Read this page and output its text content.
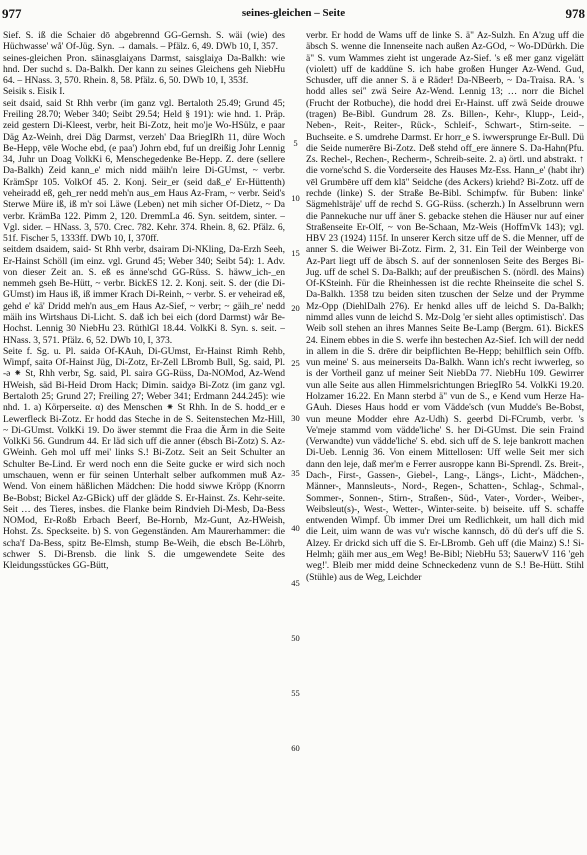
977	seines-gleichen – Seite	978

Sief. S. iß die Schaier dō abgebrennd GG-Gernsh. S. wäi (wie) des Hüchwasse' wå' Of-Jüg. Syn. → damals. – Pfälz. 6, 49. DWb 10, I, 357.

seines-gleichen Pron. sāinəsglaiχəns Darmst, saisglaiχə Da-Balkh: wie hnd. Der suchd s. Da-Balkh. Der kann zu seines Gleichens geh NiebHu 64. – HNass. 3, 570. Rhein. 8, 58. Pfälz. 6, 50. DWb 10, I, 353f.

Seisik s. Eisik I.

seit dsaid, said St Rhh verbr (im ganz vgl. Bertaloth 25.49; Grund 45; Freiling 28.70; Weber 340; Seibt 29.54; Held § 191): wie hnd. 1. Präp. zeid gestern Di-Kleest, verbr, heit Bi-Zotz, heit mo'je Wo-HSülz, e paar Däg Az-Weinh, drei Däg Darmst, verzeh' Daa BriegIRh 11, düre Woch Be-Hepp, vēle Woche ebd, (e paa') Johrn ebd, fuf un dreißig Johr Lennig 34, Juhr un Doag VolkKi 6, Menschegedenke Be-Hepp. Z. dere (sellere Da-Balkh) Zeid kann_e' mich nidd mäih'n leire Di-GUmst, ~ verbr. KrämSpr 105. VolkOf 45. 2. Konj. Seir_er (seid daß_e' Er-Hüttenth) veheiradd eß, geh_rer nedd meh'n aus_em Haus Az-Fram, ~ verbr. Seid's Sterwe Müre iß, iß m'r soi Läwe (Leben) net mih sicher Of-Dietz, ~ Da verbr. KrämBa 122. Pimm 2, 120. DremmLa 46. Syn. seitdem, sinter. – Vgl. sider. – HNass. 3, 570. Crec. 782. Kehr. 374. Rhein. 8, 62. Pfälz. 6, 51f. Fischer 5, 1333ff. DWb 10, I, 370ff.

seitdem dsaidem, said- St Rhh verbr, dsairam Di-NKling, Da-Erzh Seeh, Er-Hainst Schöll (im einz. vgl. Grund 45; Weber 340; Seibt 54): 1. Adv. von dieser Zeit an. S. eß es änne'schd GG-Rüss. S. häww_ich-_en nemmeh gseh Be-Hütt, ~ verbr. BickES 12. 2. Konj. seit. S. der (die Di-GUmst) im Haus iß, iß immer Krach Di-Reinh, ~ verbr. S. er veheirad eß, gehd e' kä' Dridd meh'n aus_em Haus Az-Sief, ~ verbr; ~ gäih_re' nedd mäih ins Wirtshaus Di-Licht. S. daß ich bei eich (dord Darmst) wår Be-Hochst. Lennig 30 NiebHu 23. RüthlGl 18.44. VolkKi 8. Syn. s. seit. – HNass. 3, 571. Pfälz. 6, 52. DWb 10, I, 373.

Seite f. Sg. u. Pl. saidə Of-KAuh, Di-GUmst, Er-Hainst Rimh Rehb, Wimpf, saitə Of-Hainst Jüg, Di-Zotz, Er-Zell LBromb Bull, Sg. said, Pl. -ə ⁕ St, Rhh verbr, Sg. said, Pl. sairə GG-Rüss, Da-NOMod, Az-Wend HWeish, säd Bi-Heid Drom Hack; Dimin. saidχə Bi-Zotz (im ganz vgl. Bertaloth 25; Grund 27; Freiling 27; Weber 341; Erdmann 244.245): wie nhd. 1. a) Körperseite. α) des Menschen ⁕ St Rhh. In de S. hodd_er e Lewerfleck Bi-Zotz. Er hodd das Steche in de S. Seitenstechen Mz-Hill, ~ Di-GUmst. VolkKi 19. Do äwer stemmt die Fraa die Ärm in die Seite VolkKi 56. Gundrum 44. Er läd sich uff die anner (ébsch Bi-Zotz) S. Az-GWeinh. Geh mol uff mei' links S.! Bi-Zotz. Seit an Seit Schulter an Schulter Be-Lind. Er werd noch enn die Seite gucke er wird sich noch umschauen, wenn er für seinen Unterhalt selber aufkommen muß Az-Wend. Von einem häßlichen Mädchen: Die hodd siwwe Kröpp (Knorrn Be-Bobst; Bickel Az-GBick) uff der glädde S. Er-Hainst. Zs. Kehr-seite. Seit … des Tieres, insbes. die Flanke beim Rindvieh Di-Mesb, Da-Bess NOMod, Er-Roßb Erbach Beerf, Be-Hornb, Mz-Gunt, Az-HWeish, Hohst. Zs. Speckseite. b) S. von Gegenständen. Am Maurerhammer: die scha'f Da-Bess, spitz Be-Elmsh, stump Be-Weih, die ebsch Be-Löhrb, schwer S. Di-Brensb. die link S. die umgewendete Seite des Kleidungsstückes GG-Bütt,

5
10
15
20
25
30
35
40
45
50
55
60

verbr. Er hodd de Wams uff de linke S. ä" Az-Sulzh. En A'zug uff die äbsch S. wenne die Innenseite nach außen Az-GOd, ~ Wo-DDürkh. Die ä" S. vum Wammes zieht ist ungerade Az-Sief. 's eß mer ganz vigelätt (violett) uff de kaddüne S. ich habe großen Hunger Az-Wend. Gud, Schusder, uff die anner S. ä e Räder! Da-NBeerb, ~ Da-Traisa. RA. 's hodd alles sei" zwä Seire Az-Wend. Lennig 13; … norr die Bichel (Frucht der Rotbuche), die hodd drei Er-Hainst. uff zwä Seide drouwe (tragen) Be-Bibl. Gundrum 28. Zs. Billen-, Kehr-, Klupp-, Leid-, Neben-, Reit-, Reiter-, Rück-, Schleif-, Schwart-, Stirn-seite. – Buchseite. e S. umdrehe Darmst. Er horr_e S. iwwersprunge Er-Bull. Dü die Seide numerēre Bi-Zotz. Deß stehd off_ere ännere S. Da-Hahn(Pfu. Zs. Rechel-, Rechen-, Recherm-, Schreib-seite. 2. a) örtl. und abstrakt. ↑ die vorne'schd S. die Vorderseite des Hauses Mz-Ess. Hann_e' (habt ihr) vēl Grumbēre uff dem klā" Seidche (des Ackers) kriehd? Bi-Zotz. uff de rechde (linke) S. der Straße Be-Bibl. Schimpfw. für Buben: linke' Sägmehlsträje' uff de rechd S. GG-Rüss. (scherzh.) In Asselbrunn wern die Pannekuche nur uff äner S. gebacke stehen die Häuser nur auf einer Straßenseite Er-Olf, ~ von Be-Schaan, Mz-Weis (HoffmVk 143); vgl. HBV 23 (1924) 115f. In unserer Kerch sitze uff de S. die Menner, uff de anner S. die Weiwer Bi-Zotz. Firm. 2, 31. Ein Teil der Weinberge von Az-Part liegt uff de äbsch S. auf der sonnenlosen Seite des Berges Bi-Jug. uff de schel S. Da-Balkh; auf der preußischen S. (nördl. des Mains) Of-KSteinh. Für die Rheinhessen ist die rechte Rheinseite die schel S. Da-Balkh. 1358 tzu beiden siten tzuschen der Selze und der Prymme Mz-Opp (DiehlDalh 276). Er henkd alles uff de leichd S. Da-Balkh; nimmd alles vunn de leichd S. Mz-Dolg 'er sieht alles optimistisch'. Das Weib soll stehen an ihres Mannes Seite Be-Lamp (Bergm. 61). BickES 24. Einem ebbes in die S. werfe ihn bestechen Az-Sief. Ich will der nedd in allem in die S. drēre dir beipflichten Be-Hepp; behilflich sein Offb. vun meine' S. aus meinerseits Da-Balkh. Wann ich's recht iwwerleg, so is der Vortheil ganz uf meiner Seit NiebDa 77. NiebHu 109. Gewirrer vun alle Seite aus allen Himmelsrichtungen BriegIRo 54. VolkKi 19.20. Holzamer 16.22. En Mann sterbd ä" vun de S., e Kend vum Herze Ha-GAuh. Dieses Haus hodd er vom Vädde'sch (vun Mudde's Be-Bobst, vun meune Modder ehre Az-Udh) S. geerbd Di-FCrumb, verbr. 's Ve'meje stammd vom vädde'liche' S. her Di-GUmst. Die sein Fraind (Verwandte) vun vädde'liche' S. ebd. sich uff de S. leje bankrott machen Di-Ueb. Lennig 36. Von einem Mittellosen: Uff welle Seit mer sich dann den leje, daß mer'm e Ferrer ausroppe kann Bi-Sprendl. Zs. Breit-, Dach-, First-, Gassen-, Giebel-, Lang-, Längs-, Licht-, Mädchen-, Männer-, Mannsleuts-, Nord-, Regen-, Schatten-, Schlag-, Schmal-, Sommer-, Sonnen-, Stirn-, Straßen-, Süd-, Vater-, Vorder-, Weiber-, Weibsleut(s)-, West-, Wetter-, Winter-seite. b) beiseite. uff S. schaffe entwenden Wimpf. Üb immer Drei um Redlichkeit, um hall dich mid die Leit, uim wann de was vu'r wische kannsch, dö dü der's uff die S. Alzey. Er drickd sich uff die S. Er-LBromb. Geh uff (die Mainz) S.! Si-Helmh; gäih mer aus_em Weg! Be-Bibl; NiebHu 53; SauerwV 116 'geh weg!'. Bleib mer midd deine Schneckedenz vunn de S.! Be-Hütt. Stihl (Stühle) aus de Weg, Leichder
